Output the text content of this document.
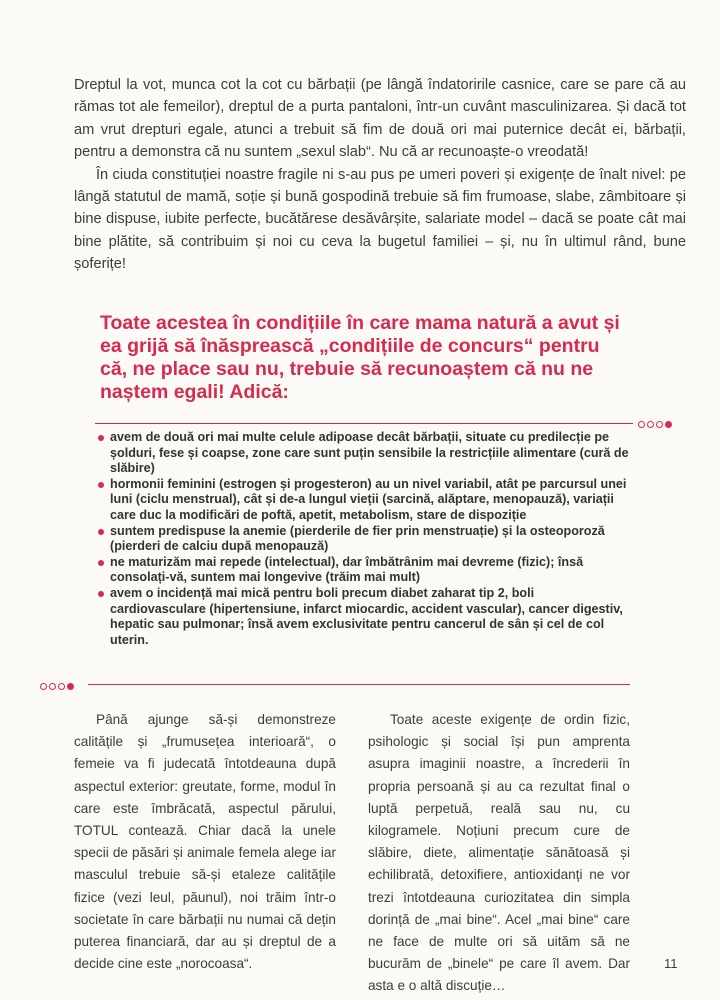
Dreptul la vot, munca cot la cot cu bărbații (pe lângă îndatoririle casnice, care se pare că au rămas tot ale femeilor), dreptul de a purta pantaloni, într-un cuvânt masculinizarea. Și dacă tot am vrut drepturi egale, atunci a trebuit să fim de două ori mai puternice decât ei, bărbații, pentru a demonstra că nu suntem „sexul slab“. Nu că ar recunoaște-o vreodată!

În ciuda constituției noastre fragile ni s-au pus pe umeri poveri și exigențe de înalt nivel: pe lângă statutul de mamă, soție și bună gospodină trebuie să fim frumoase, slabe, zâmbitoare și bine dispuse, iubite perfecte, bucătărese desăvârșite, salariate model – dacă se poate cât mai bine plătite, să contribuim și noi cu ceva la bugetul familiei – și, nu în ultimul rând, bune șoferițe!

Toate acestea în condițiile în care mama natură a avut și ea grijă să înăsprească „condițiile de concurs“ pentru că, ne place sau nu, trebuie să recunoaștem că nu ne naștem egali! Adică:
avem de două ori mai multe celule adipoase decât bărbații, situate cu predilecție pe șolduri, fese și coapse, zone care sunt puțin sensibile la restricțiile alimentare (cură de slăbire)
hormonii feminini (estrogen și progesteron) au un nivel variabil, atât pe parcursul unei luni (ciclu menstrual), cât și de-a lungul vieții (sarcină, alăptare, menopauză), variații care duc la modificări de poftă, apetit, metabolism, stare de dispoziție
suntem predispuse la anemie (pierderile de fier prin menstruație) și la osteoporoză (pierderi de calciu după menopauză)
ne maturizăm mai repede (intelectual), dar îmbătrânim mai devreme (fizic); însă consolați-vă, suntem mai longevive (trăim mai mult)
avem o incidență mai mică pentru boli precum diabet zaharat tip 2, boli cardiovasculare (hipertensiune, infarct miocardic, accident vascular), cancer digestiv, hepatic sau pulmonar; însă avem exclusivitate pentru cancerul de sân și cel de col uterin.

Până ajunge să-și demonstreze calitățile și „frumusețea interioară“, o femeie va fi judecată întotdeauna după aspectul exterior: greutate, forme, modul în care este îmbrăcată, aspectul părului, TOTUL contează. Chiar dacă la unele specii de păsări și animale femela alege iar masculul trebuie să-și etaleze calitățile fizice (vezi leul, păunul), noi trăim într-o societate în care bărbații nu numai că dețin puterea financiară, dar au și dreptul de a decide cine este „norocoasa“.

Toate aceste exigențe de ordin fizic, psihologic și social își pun amprenta asupra imaginii noastre, a încrederii în propria persoană și au ca rezultat final o luptă perpetuă, reală sau nu, cu kilogramele. Noțiuni precum cure de slăbire, diete, alimentație sănătoasă și echilibrată, detoxifiere, antioxidanți ne vor trezi întotdeauna curiozitatea din simpla dorință de „mai bine“. Acel „mai bine“ care ne face de multe ori să uităm să ne bucurăm de „binele“ pe care îl avem. Dar asta e o altă discuție…

11
